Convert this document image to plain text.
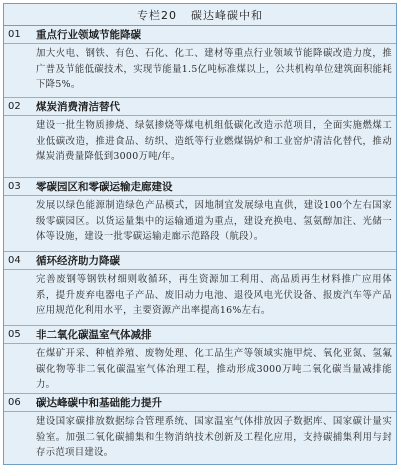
专栏20 碳达峰碳中和
01	重点行业领域节能降碳
加大火电、钢铁、有色、石化、化工、建材等重点行业领域节能降碳改造力度，推广普及节能低碳技术，实现节能量1.5亿吨标准煤以上，公共机构单位建筑面积能耗下降5%。
02	煤炭消费清洁替代
建设一批生物质掺烧、绿氨掺烧等煤电机组低碳化改造示范项目，全面实施燃煤工业低碳改造，推进食品、纺织、造纸等行业燃煤锅炉和工业窑炉清洁化替代，推动煤炭消费量降低到3000万吨/年。
03	零碳园区和零碳运输走廊建设
发展以绿色能源制造绿色产品模式，因地制宜发展绿电直供，建设100个左右国家级零碳园区。以货运量集中的运输通道为重点，建设充换电、氢氨醇加注、光储一体等设施，建设一批零碳运输走廊示范路段（航段）。
04	循环经济助力降碳
完善废钢等钢铁材细则收循环，再生资源加工利用、高品质再生材料推广应用体系，提升废弃电器电子产品、废旧动力电池、退役风电光伏设备、报废汽车等产品应用规范化利用水平，主要资源产出率提高16%左右。
05	非二氧化碳温室气体减排
在煤矿开采、种植养殖、废物处理、化工品生产等领域实施甲烷、氧化亚氮、氢氟碳化物等非二氧化碳温室气体治理工程，推动形成3000万吨二氧化碳当量减排能力。
06	碳达峰碳中和基础能力提升
建设国家碳排放数据综合管理系统、国家温室气体排放因子数据库、国家碳计量实验室。加强二氧化碳捕集和生物消纳技术创新及工程化应用，支持碳捕集利用与封存示范项目建设。
